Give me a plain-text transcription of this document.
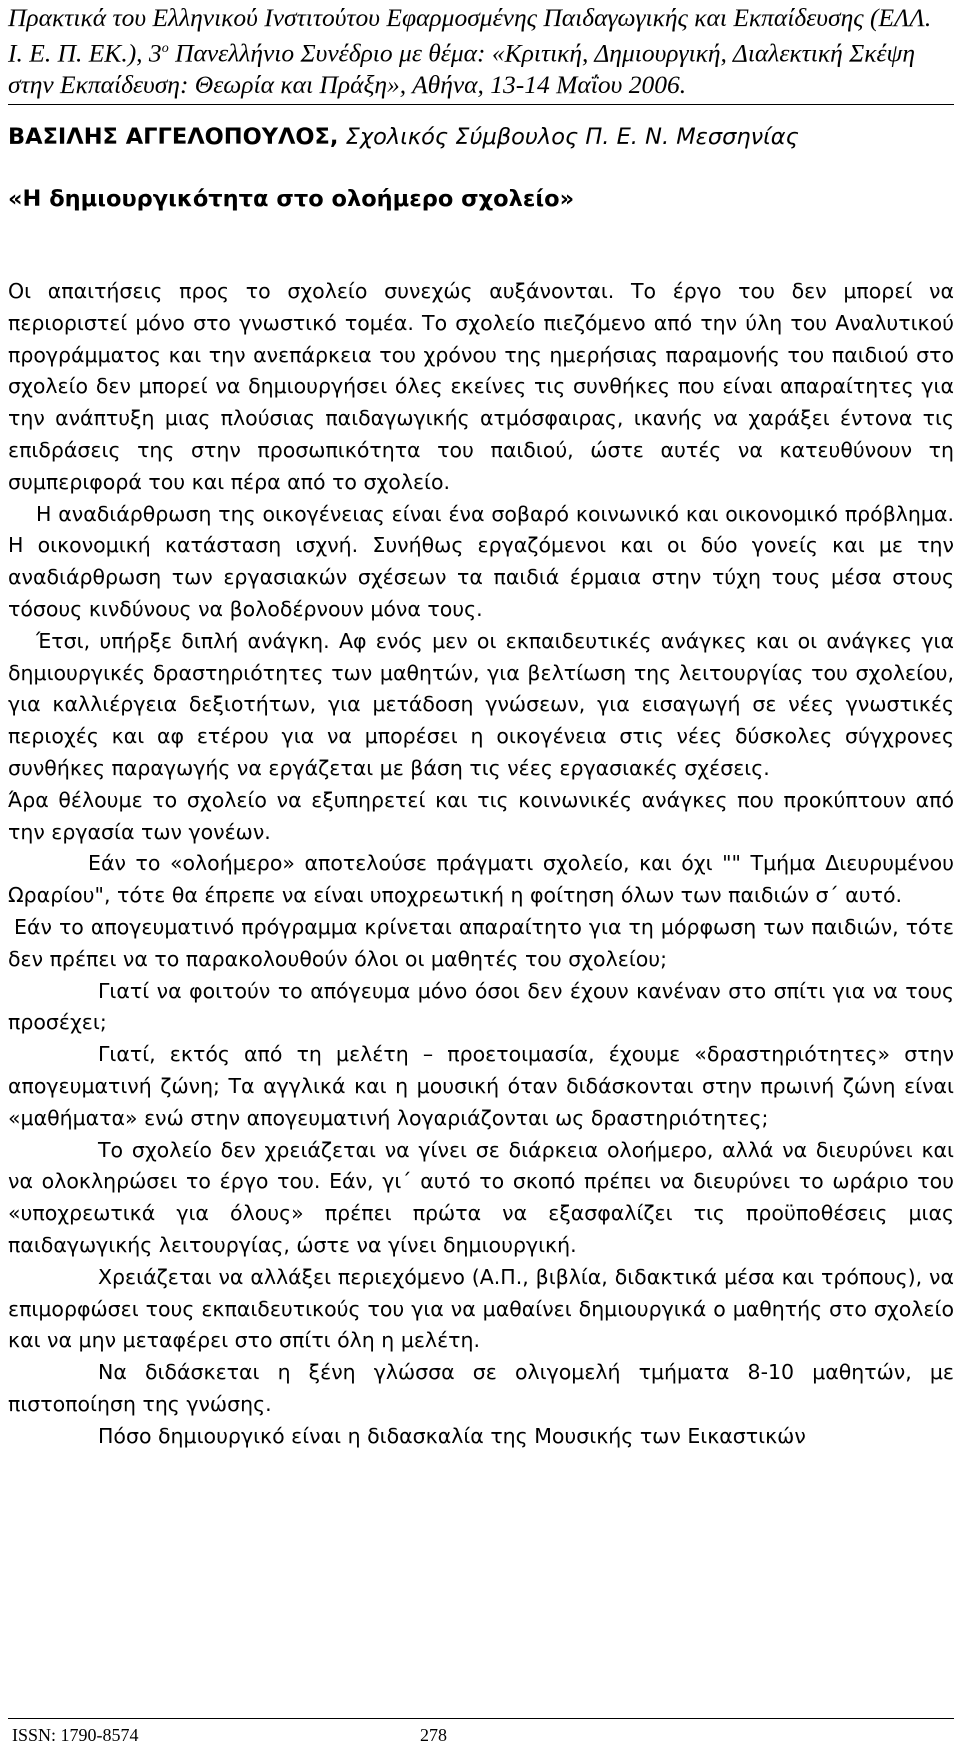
Πρακτικά του Ελληνικού Ινστιτούτου Εφαρμοσμένης Παιδαγωγικής και Εκπαίδευσης (ΕΛΛ.
Ι. Ε. Π. ΕΚ.), $3^o$ Πανελλήνιο Συνέδριο με θέμα: «Κριτική, Δημιουργική, Διαλεκτική Σκέψη
στην Εκπαίδευση: Θεωρία και Πράξη», Αθήνα, 13-14 Μαΐου 2006.
ΒΑΣΙΛΗΣ ΑΓΓΕΛΟΠΟΥΛΟΣ, Σχολικός Σύμβουλος Π. Ε. Ν. Μεσσηνίας
«Η δημιουργικότητα στο ολοήμερο σχολείο»

Οι απαιτήσεις προς το σχολείο συνεχώς αυξάνονται. Το έργο του δεν μπορεί να περιοριστεί μόνο στο γνωστικό τομέα. Το σχολείο πιεζόμενο από την ύλη του Αναλυτικού προγράμματος και την ανεπάρκεια του χρόνου της ημερήσιας παραμονής του παιδιού στο σχολείο δεν μπορεί να δημιουργήσει όλες εκείνες τις συνθήκες που είναι απαραίτητες για την ανάπτυξη μιας πλούσιας παιδαγωγικής ατμόσφαιρας, ικανής να χαράξει έντονα τις επιδράσεις της στην προσωπικότητα του παιδιού, ώστε αυτές να κατευθύνουν τη συμπεριφορά του και πέρα από το σχολείο.

Η αναδιάρθρωση της οικογένειας είναι ένα σοβαρό κοινωνικό και οικονομικό πρόβλημα. Η οικονομική κατάσταση ισχνή. Συνήθως εργαζόμενοι και οι δύο γονείς και με την αναδιάρθρωση των εργασιακών σχέσεων τα παιδιά έρμαια στην τύχη τους μέσα στους τόσους κινδύνους να βολοδέρνουν μόνα τους.

Έτσι, υπήρξε διπλή ανάγκη. Αφ ενός μεν οι εκπαιδευτικές ανάγκες και οι ανάγκες για δημιουργικές δραστηριότητες των μαθητών, για βελτίωση της λειτουργίας του σχολείου, για καλλιέργεια δεξιοτήτων, για μετάδοση γνώσεων, για εισαγωγή σε νέες γνωστικές περιοχές και αφ ετέρου για να μπορέσει η οικογένεια στις νέες δύσκολες σύγχρονες συνθήκες παραγωγής να εργάζεται με βάση τις νέες εργασιακές σχέσεις.

Άρα θέλουμε το σχολείο να εξυπηρετεί και τις κοινωνικές ανάγκες που προκύπτουν από την εργασία των γονέων.

Εάν το «ολοήμερο» αποτελούσε πράγματι σχολείο, και όχι "" Τμήμα Διευρυμένου Ωραρίου", τότε θα έπρεπε να είναι υποχρεωτική η φοίτηση όλων των παιδιών σ΄ αυτό.

Εάν το απογευματινό πρόγραμμα κρίνεται απαραίτητο για τη μόρφωση των παιδιών, τότε δεν πρέπει να το παρακολουθούν όλοι οι μαθητές του σχολείου;

Γιατί να φοιτούν το απόγευμα μόνο όσοι δεν έχουν κανέναν στο σπίτι για να τους προσέχει;

Γιατί, εκτός από τη μελέτη – προετοιμασία, έχουμε «δραστηριότητες» στην απογευματινή ζώνη; Τα αγγλικά και η μουσική όταν διδάσκονται στην πρωινή ζώνη είναι «μαθήματα» ενώ στην απογευματινή λογαριάζονται ως δραστηριότητες;

Το σχολείο δεν χρειάζεται να γίνει σε διάρκεια ολοήμερο, αλλά να διευρύνει και να ολοκληρώσει το έργο του. Εάν, γι΄ αυτό το σκοπό πρέπει να διευρύνει το ωράριο του «υποχρεωτικά για όλους» πρέπει πρώτα να εξασφαλίζει τις προϋποθέσεις μιας παιδαγωγικής λειτουργίας, ώστε να γίνει δημιουργική.

Χρειάζεται να αλλάξει περιεχόμενο (Α.Π., βιβλία, διδακτικά μέσα και τρόπους), να επιμορφώσει τους εκπαιδευτικούς του για να μαθαίνει δημιουργικά ο μαθητής στο σχολείο και να μην μεταφέρει στο σπίτι όλη η μελέτη.

Να διδάσκεται η ξένη γλώσσα σε ολιγομελή τμήματα 8-10 μαθητών, με πιστοποίηση της γνώσης.

Πόσο δημιουργικό είναι η διδασκαλία της Μουσικής των Εικαστικών

ISSN: 1790-8574	278
